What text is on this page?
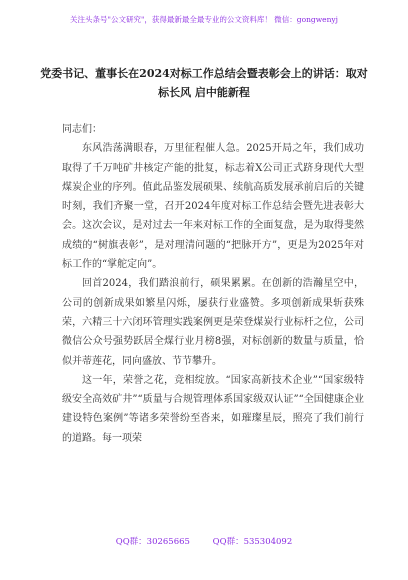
关注头条号"公文研究"，获得最新最全最专业的公文资料库！ 微信：gongwenyj
党委书记、董事长在2024对标工作总结会暨表彰会上的讲话：取对标长风 启中能新程

同志们：

东风浩荡满眼春，万里征程催人急。2025开局之年，我们成功取得了千万吨矿井核定产能的批复，标志着X公司正式跻身现代大型煤炭企业的序列。值此品鉴发展硕果、续航高质发展承前启后的关键时刻，我们齐聚一堂，召开2024年度对标工作总结会暨先进表彰大会。这次会议，是对过去一年来对标工作的全面复盘，是为取得斐然成绩的“树旗表彰”，是对理清问题的“把脉开方”，更是为2025年对标工作的“掌舵定向”。

回首2024，我们踏浪前行，硕果累累。在创新的浩瀚星空中，公司的创新成果如繁星闪烁，屡获行业盛赞。多项创新成果斩获殊荣，六精三十六闭环管理实践案例更是荣登煤炭行业标杆之位，公司微信公众号强势跃居全煤行业月榜8强，对标创新的数量与质量，恰似并蒂莲花，同向盛放、节节攀升。

这一年，荣誉之花，竞相绽放。“国家高新技术企业”“国家级特级安全高效矿井”“质量与合规管理体系国家级双认证”“全国健康企业建设特色案例”等诸多荣誉纷至沓来，如璀璨星辰，照亮了我们前行的道路。每一项荣

QQ群：30265665	QQ群：535304092
